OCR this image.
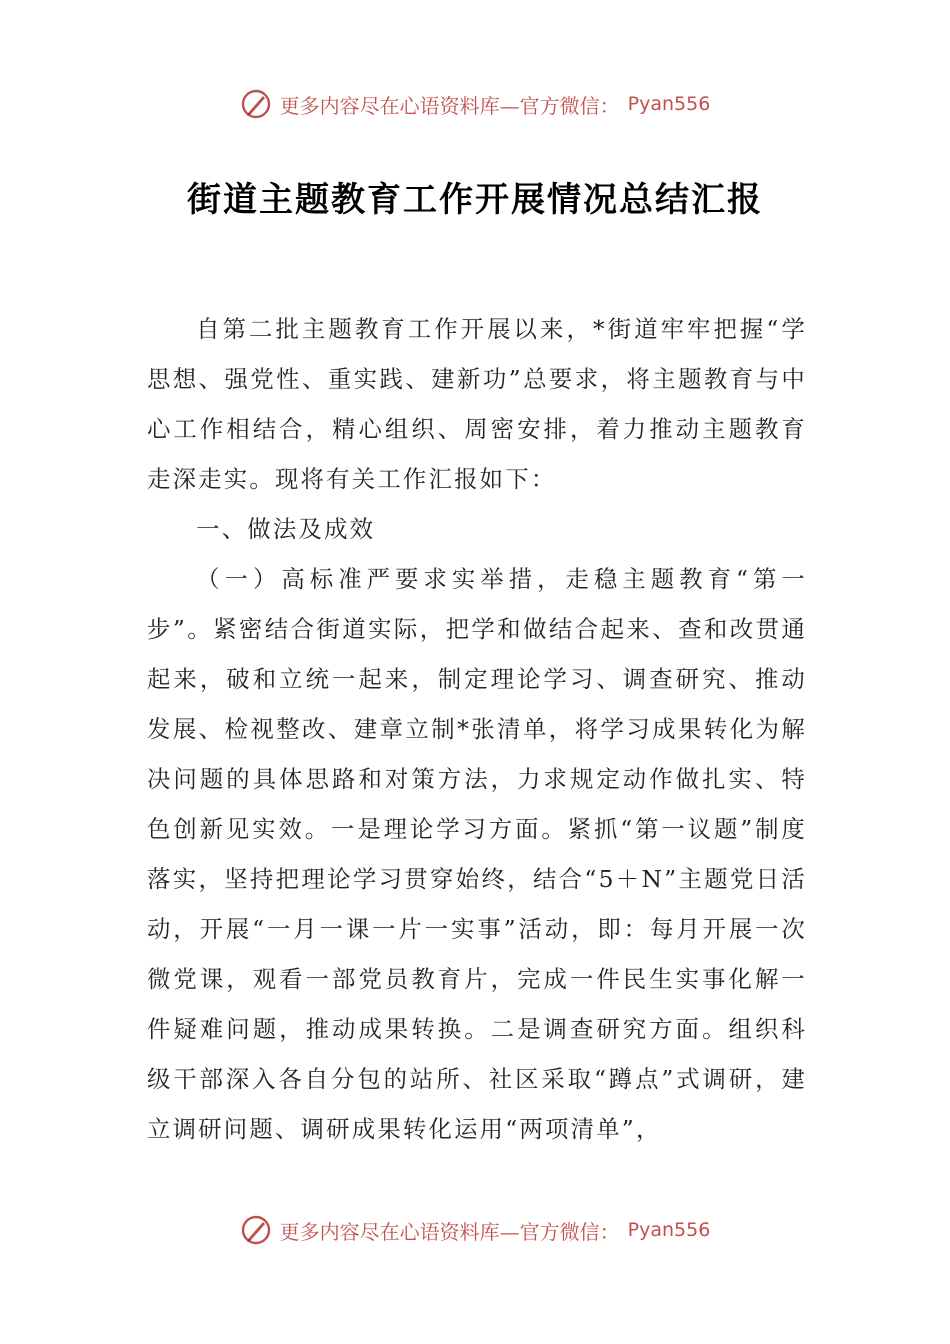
更多内容尽在心语资料库—官方微信： Pyan556
街道主题教育工作开展情况总结汇报

自第二批主题教育工作开展以来，*街道牢牢把握“学思想、强党性、重实践、建新功”总要求，将主题教育与中心工作相结合，精心组织、周密安排，着力推动主题教育走深走实。现将有关工作汇报如下：

一、做法及成效

（一）高标准严要求实举措，走稳主题教育“第一步”。紧密结合街道实际，把学和做结合起来、查和改贯通起来，破和立统一起来，制定理论学习、调查研究、推动发展、检视整改、建章立制*张清单，将学习成果转化为解决问题的具体思路和对策方法，力求规定动作做扎实、特色创新见实效。一是理论学习方面。紧抓“第一议题”制度落实，坚持把理论学习贯穿始终，结合“5＋N”主题党日活动，开展“一月一课一片一实事”活动，即：每月开展一次微党课，观看一部党员教育片，完成一件民生实事化解一件疑难问题，推动成果转换。二是调查研究方面。组织科级干部深入各自分包的站所、社区采取“蹲点”式调研，建立调研问题、调研成果转化运用“两项清单”，

更多内容尽在心语资料库—官方微信： Pyan556
